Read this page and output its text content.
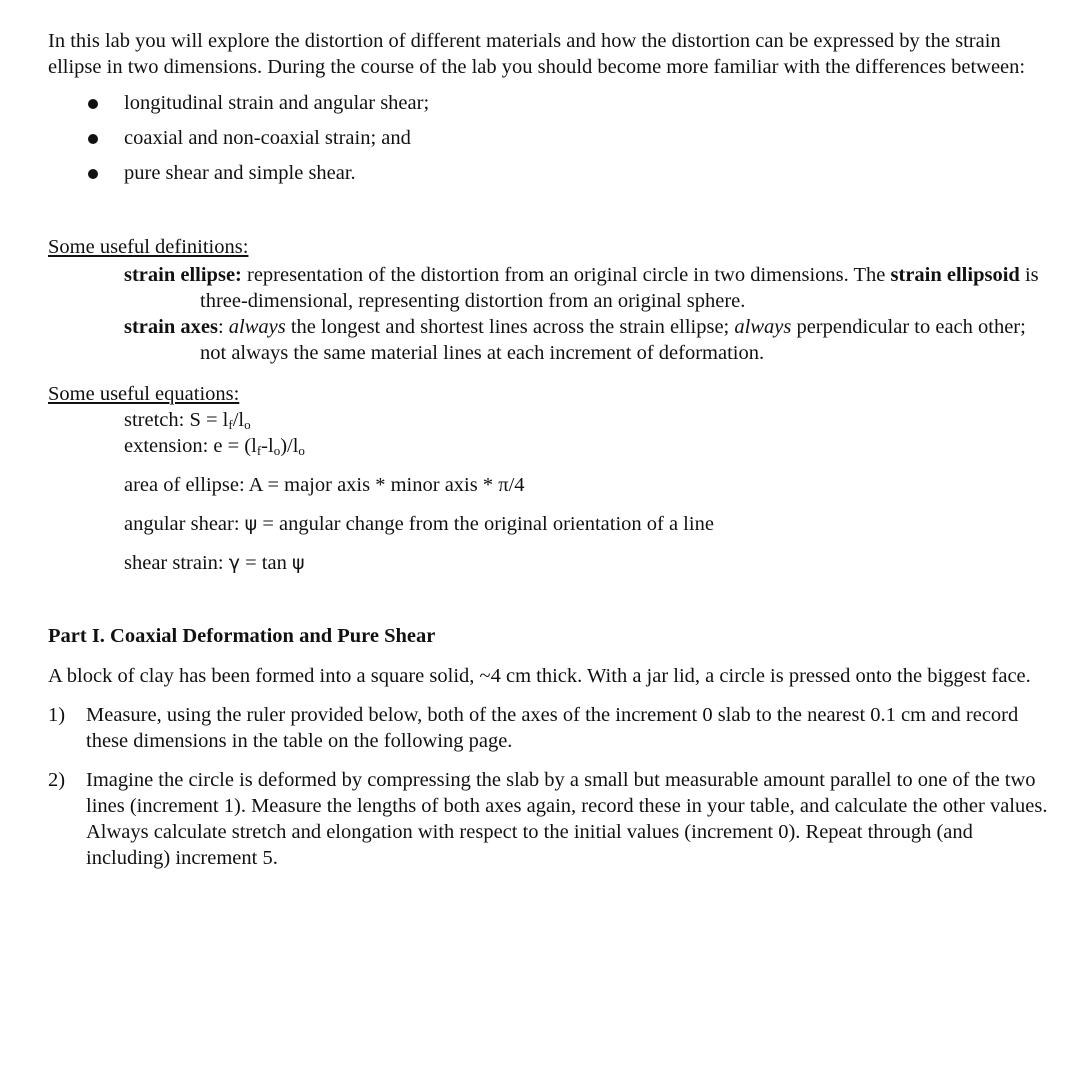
In this lab you will explore the distortion of different materials and how the distortion can be expressed by the strain ellipse in two dimensions. During the course of the lab you should become more familiar with the differences between:

longitudinal strain and angular shear;
coaxial and non-coaxial strain; and
pure shear and simple shear.

Some useful definitions:

strain ellipse: representation of the distortion from an original circle in two dimensions. The strain ellipsoid is three-dimensional, representing distortion from an original sphere.

strain axes: always the longest and shortest lines across the strain ellipse; always perpendicular to each other; not always the same material lines at each increment of deformation.

Some useful equations:

stretch: $S = l_f/l_o$

extension: $e = (l_f-l_o)/l_o$

area of ellipse: A = major axis * minor axis * π/4

angular shear: ψ = angular change from the original orientation of a line

shear strain: γ = tan ψ

Part I. Coaxial Deformation and Pure Shear

A block of clay has been formed into a square solid, ~4 cm thick. With a jar lid, a circle is pressed onto the biggest face.

1) Measure, using the ruler provided below, both of the axes of the increment 0 slab to the nearest 0.1 cm and record these dimensions in the table on the following page.
2) Imagine the circle is deformed by compressing the slab by a small but measurable amount parallel to one of the two lines (increment 1). Measure the lengths of both axes again, record these in your table, and calculate the other values. Always calculate stretch and elongation with respect to the initial values (increment 0). Repeat through (and including) increment 5.
